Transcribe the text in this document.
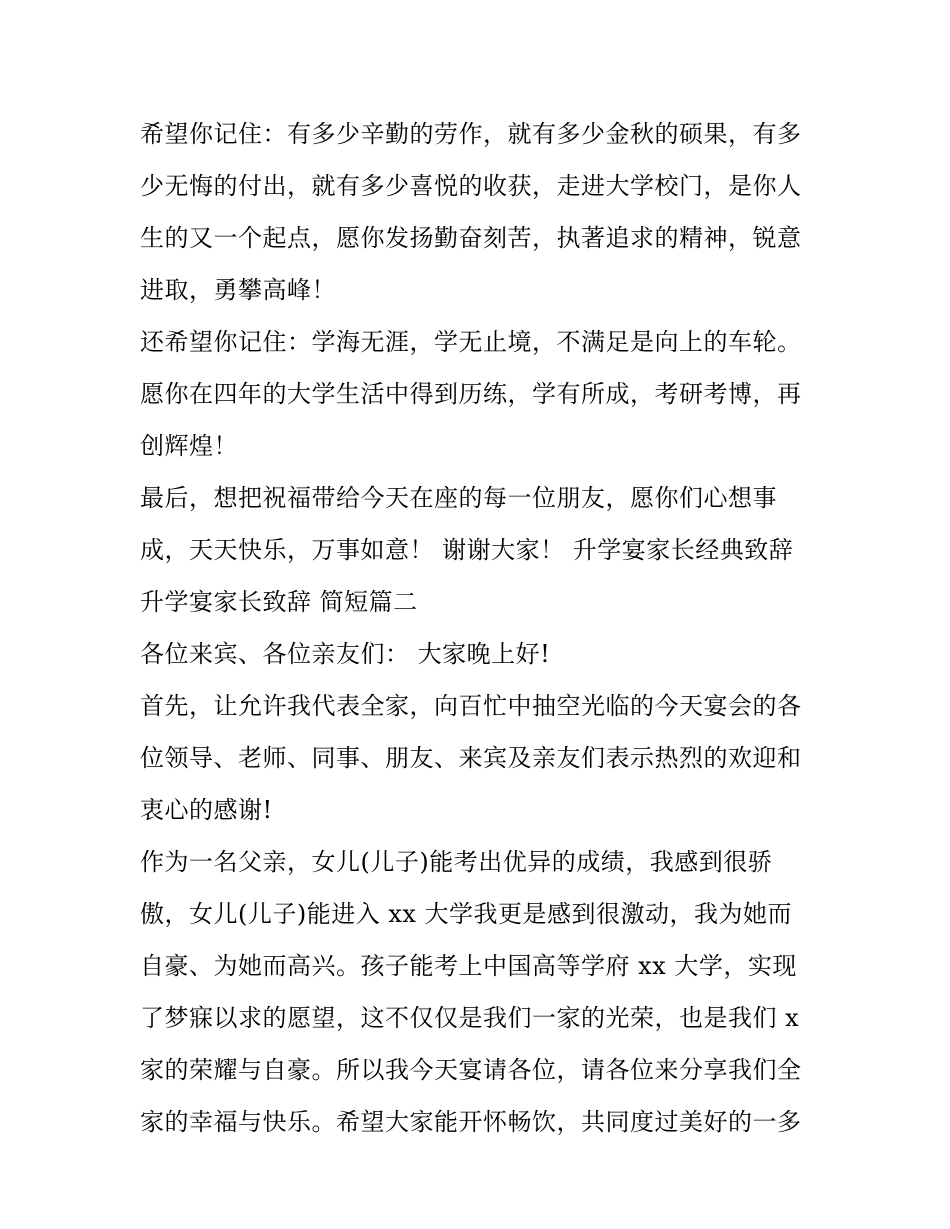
希望你记住：有多少辛勤的劳作，就有多少金秋的硕果，有多
少无悔的付出，就有多少喜悦的收获，走进大学校门，是你人
生的又一个起点，愿你发扬勤奋刻苦，执著追求的精神，锐意
进取，勇攀高峰！
还希望你记住：学海无涯，学无止境，不满足是向上的车轮。
愿你在四年的大学生活中得到历练，学有所成，考研考博，再
创辉煌！
最后，想把祝福带给今天在座的每一位朋友，愿你们心想事
成，天天快乐，万事如意！ 谢谢大家！ 升学宴家长经典致辞
升学宴家长致辞 简短篇二
各位来宾、各位亲友们： 大家晚上好!
首先，让允许我代表全家，向百忙中抽空光临的今天宴会的各
位领导、老师、同事、朋友、来宾及亲友们表示热烈的欢迎和
衷心的感谢!
作为一名父亲，女儿(儿子)能考出优异的成绩，我感到很骄
傲，女儿(儿子)能进入 xx 大学我更是感到很激动，我为她而
自豪、为她而高兴。孩子能考上中国高等学府 xx 大学，实现
了梦寐以求的愿望，这不仅仅是我们一家的光荣，也是我们 x
家的荣耀与自豪。所以我今天宴请各位，请各位来分享我们全
家的幸福与快乐。希望大家能开怀畅饮，共同度过美好的一多
